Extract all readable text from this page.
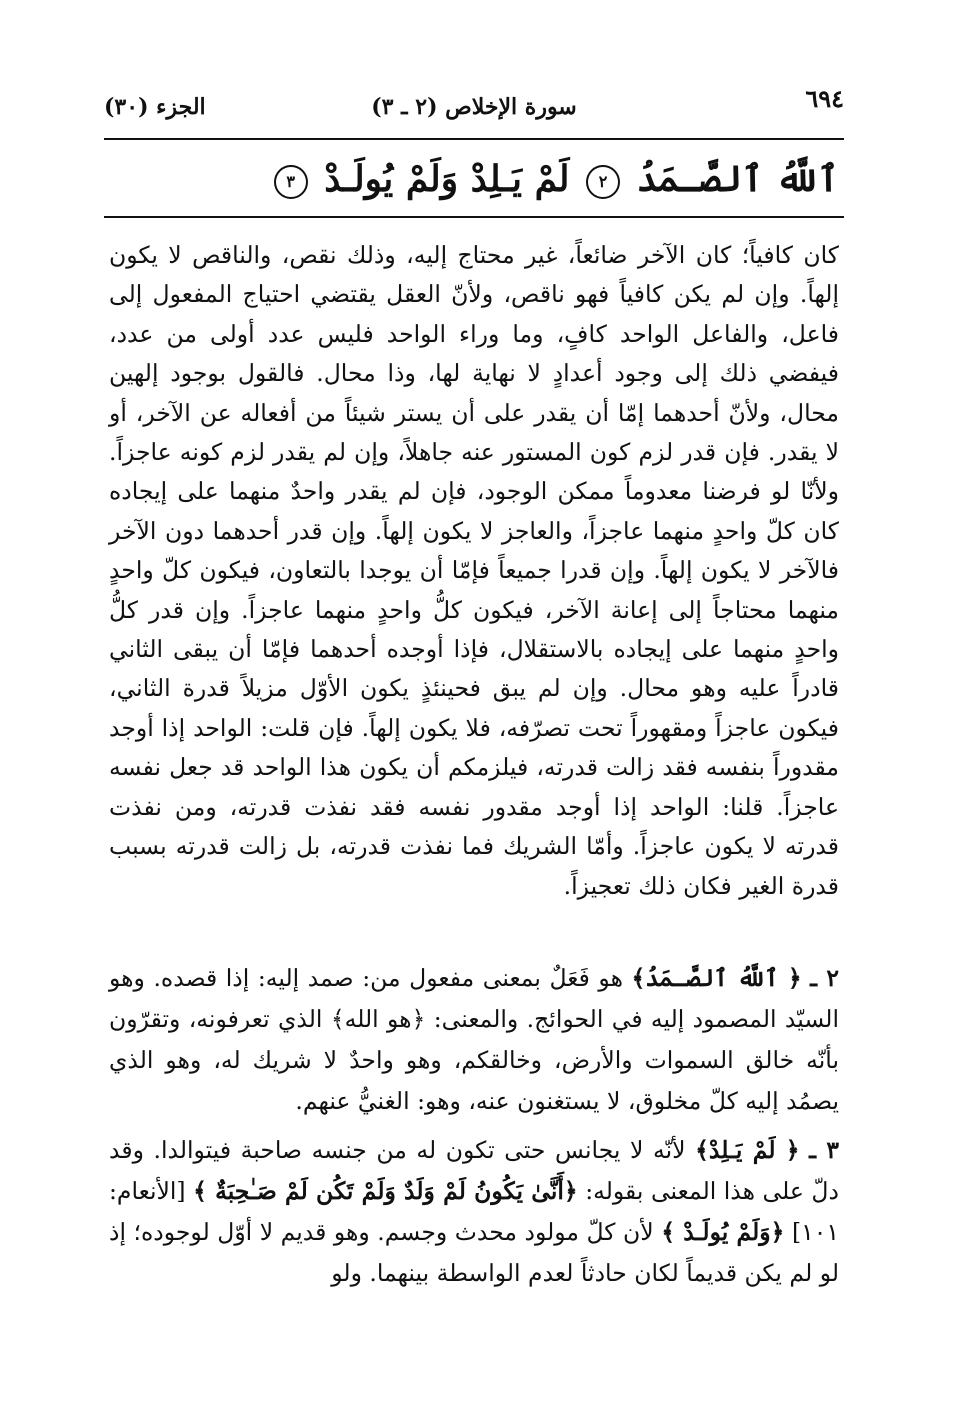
٦٩٤
سورة الإخلاص (٢ ـ ٣)
الجزء (٣٠)
ٱللَّهُ ٱلصَّـمَدُ ٢ لَمْ يَـلِدْ وَلَمْ يُولَـدْ ٣

كان كافياً؛ كان الآخر ضائعاً، غير محتاج إليه، وذلك نقص، والناقص لا يكون إلهاً. وإن لم يكن كافياً فهو ناقص، ولأنّ العقل يقتضي احتياج المفعول إلى فاعل، والفاعل الواحد كافٍ، وما وراء الواحد فليس عدد أولى من عدد، فيفضي ذلك إلى وجود أعدادٍ لا نهاية لها، وذا محال. فالقول بوجود إلهين محال، ولأنّ أحدهما إمّا أن يقدر على أن يستر شيئاً من أفعاله عن الآخر، أو لا يقدر. فإن قدر لزم كون المستور عنه جاهلاً، وإن لم يقدر لزم كونه عاجزاً. ولأنّا لو فرضنا معدوماً ممكن الوجود، فإن لم يقدر واحدٌ منهما على إيجاده كان كلّ واحدٍ منهما عاجزاً، والعاجز لا يكون إلهاً. وإن قدر أحدهما دون الآخر فالآخر لا يكون إلهاً. وإن قدرا جميعاً فإمّا أن يوجدا بالتعاون، فيكون كلّ واحدٍ منهما محتاجاً إلى إعانة الآخر، فيكون كلُّ واحدٍ منهما عاجزاً. وإن قدر كلُّ واحدٍ منهما على إيجاده بالاستقلال، فإذا أوجده أحدهما فإمّا أن يبقى الثاني قادراً عليه وهو محال. وإن لم يبق فحينئذٍ يكون الأوّل مزيلاً قدرة الثاني، فيكون عاجزاً ومقهوراً تحت تصرّفه، فلا يكون إلهاً. فإن قلت: الواحد إذا أوجد مقدوراً بنفسه فقد زالت قدرته، فيلزمكم أن يكون هذا الواحد قد جعل نفسه عاجزاً. قلنا: الواحد إذا أوجد مقدور نفسه فقد نفذت قدرته، ومن نفذت قدرته لا يكون عاجزاً. وأمّا الشريك فما نفذت قدرته، بل زالت قدرته بسبب قدرة الغير فكان ذلك تعجيزاً.

٢ ـ ﴿ ٱللَّهُ ٱلصَّـمَدُ﴾ هو فَعَلٌ بمعنى مفعول من: صمد إليه: إذا قصده. وهو السيّد المصمود إليه في الحوائج. والمعنى: ﴿هو الله﴾ الذي تعرفونه، وتقرّون بأنّه خالق السموات والأرض، وخالقكم، وهو واحدٌ لا شريك له، وهو الذي يصمُد إليه كلّ مخلوق، لا يستغنون عنه، وهو: الغنيُّ عنهم.
٣ ـ ﴿ لَمْ يَـلِدْ﴾ لأنّه لا يجانس حتى تكون له من جنسه صاحبة فيتوالدا. وقد دلّ على هذا المعنى بقوله: ﴿أَنَّىٰ يَكُونُ لَمْ وَلَدٌ وَلَمْ تَكُن لَمْ صَـٰحِبَةٌ ﴾ [الأنعام: ١٠١] ﴿وَلَمْ يُولَـدْ ﴾ لأن كلّ مولود محدث وجسم. وهو قديم لا أوّل لوجوده؛ إذ لو لم يكن قديماً لكان حادثاً لعدم الواسطة بينهما. ولو
